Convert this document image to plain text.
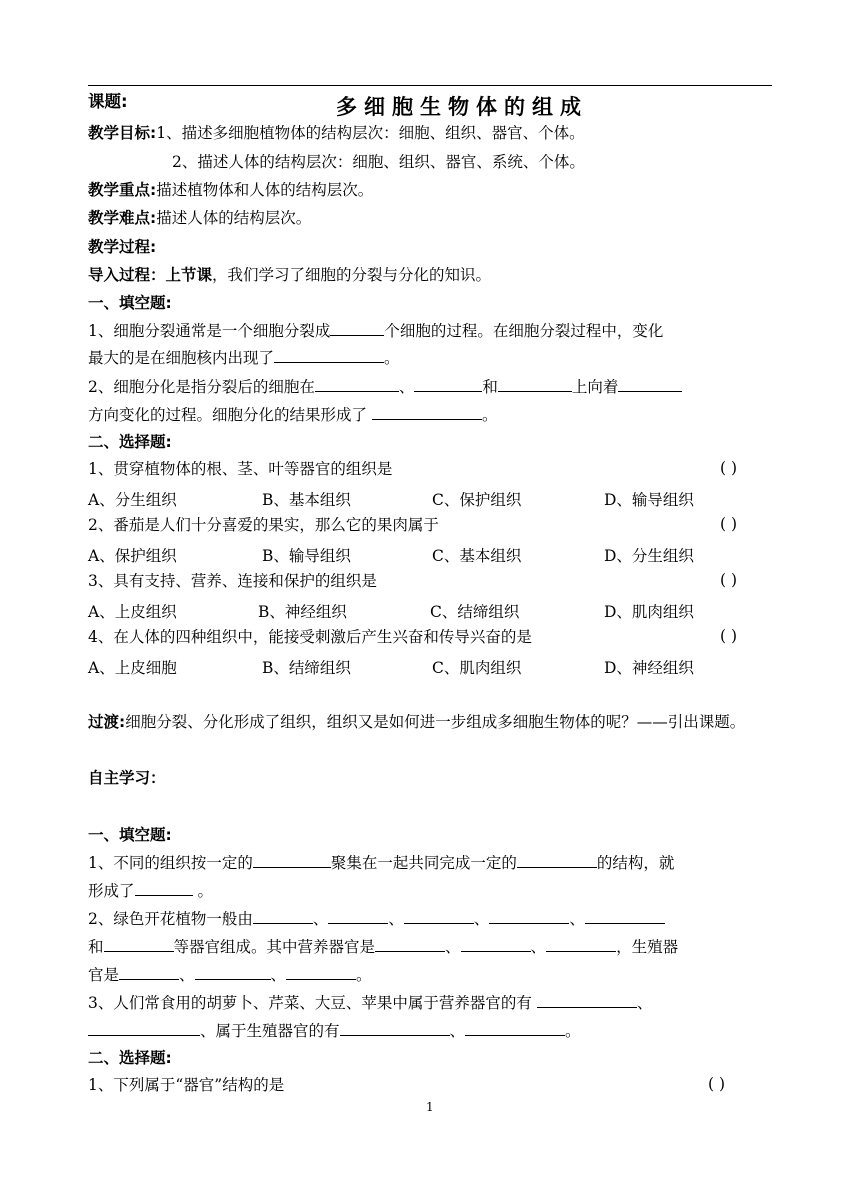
课题:	多细胞生物体的组成
教学目标:1、描述多细胞植物体的结构层次：细胞、组织、器官、个体。
2、描述人体的结构层次：细胞、组织、器官、系统、个体。
教学重点:描述植物体和人体的结构层次。
教学难点:描述人体的结构层次。
教学过程:
导入过程：上节课，我们学习了细胞的分裂与分化的知识。
一、填空题:
1、细胞分裂通常是一个细胞分裂成	个细胞的过程。在细胞分裂过程中，变化
最大的是在细胞核内出现了	。
2、细胞分化是指分裂后的细胞在	、	和	上向着
方向变化的过程。细胞分化的结果形成了	。
二、选择题:
1、贯穿植物体的根、茎、叶等器官的组织是	( )
A、分生组织	B、基本组织	C、保护组织	D、输导组织
2、番茄是人们十分喜爱的果实，那么它的果肉属于	( )
A、保护组织	B、输导组织	C、基本组织	D、分生组织
3、具有支持、营养、连接和保护的组织是	( )
A、上皮组织	B、神经组织	C、结缔组织	D、肌肉组织
4、在人体的四种组织中，能接受刺激后产生兴奋和传导兴奋的是	( )
A、上皮细胞	B、结缔组织	C、肌肉组织	D、神经组织
过渡:细胞分裂、分化形成了组织，组织又是如何进一步组成多细胞生物体的呢？——引出课题。
自主学习：
一、填空题:
1、不同的组织按一定的	聚集在一起共同完成一定的	的结构，就
形成了	。
2、绿色开花植物一般由	、	、	、	、
和	等器官组成。其中营养器官是	、	、	，生殖器
官是	、	、	。
3、人们常食用的胡萝卜、芹菜、大豆、苹果中属于营养器官的有	、
、属于生殖器官的有	、	。
二、选择题:
1、下列属于“器官”结构的是	( )
1
